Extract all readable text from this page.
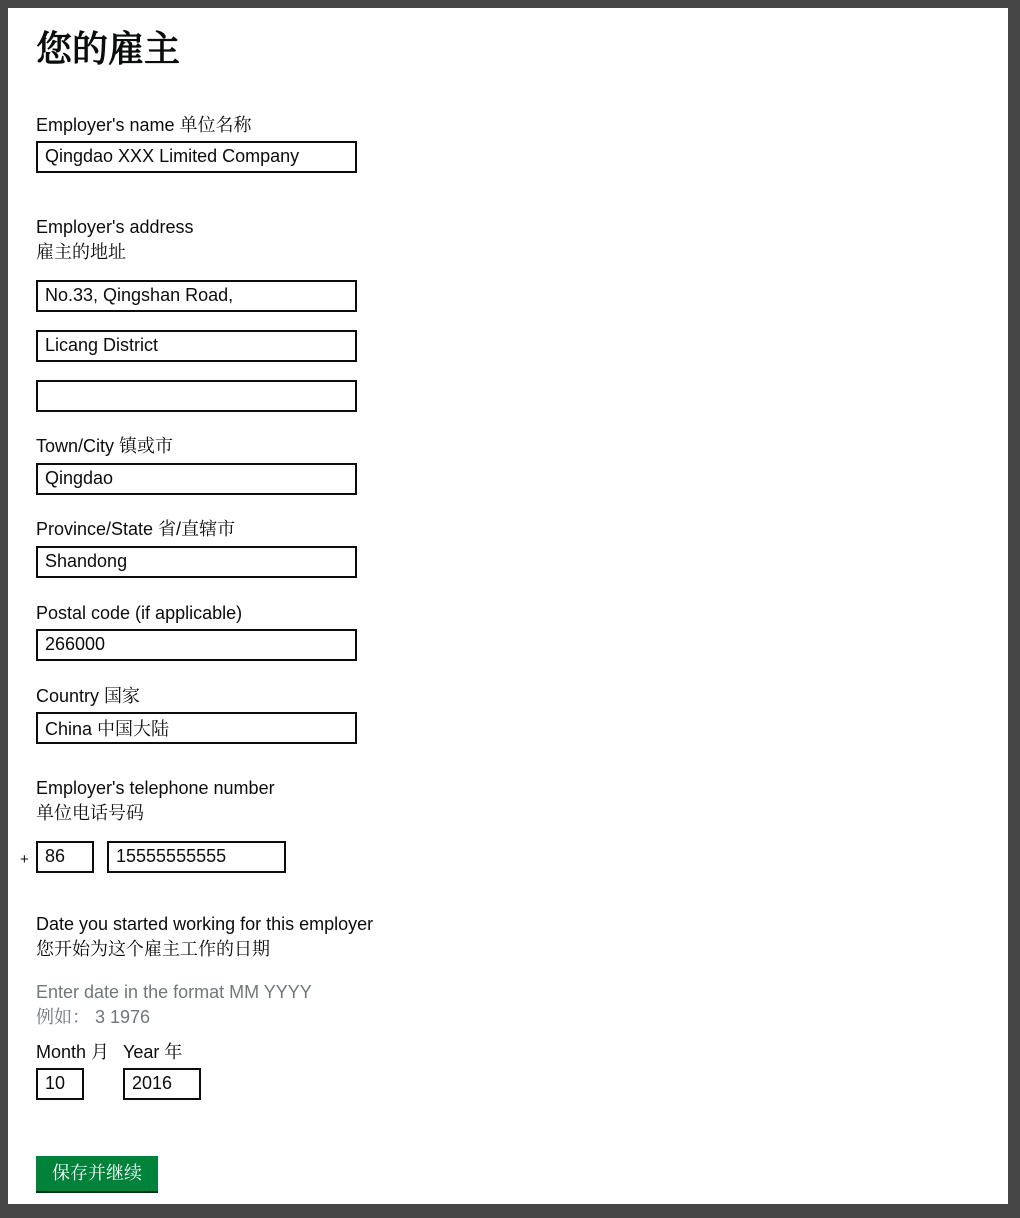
您的雇主
Employer's name 单位名称
Qingdao XXX Limited Company
Employer's address
雇主的地址
No.33, Qingshan Road,
Licang District
Town/City 镇或市
Qingdao
Province/State 省/直辖市
Shandong
Postal code (if applicable)
266000
Country 国家
China 中国大陆
Employer's telephone number
单位电话号码
+
86
15555555555
Date you started working for this employer
您开始为这个雇主工作的日期
Enter date in the format MM YYYY
例如： 3 1976
Month 月
10 Year 年
2016
保存并继续
